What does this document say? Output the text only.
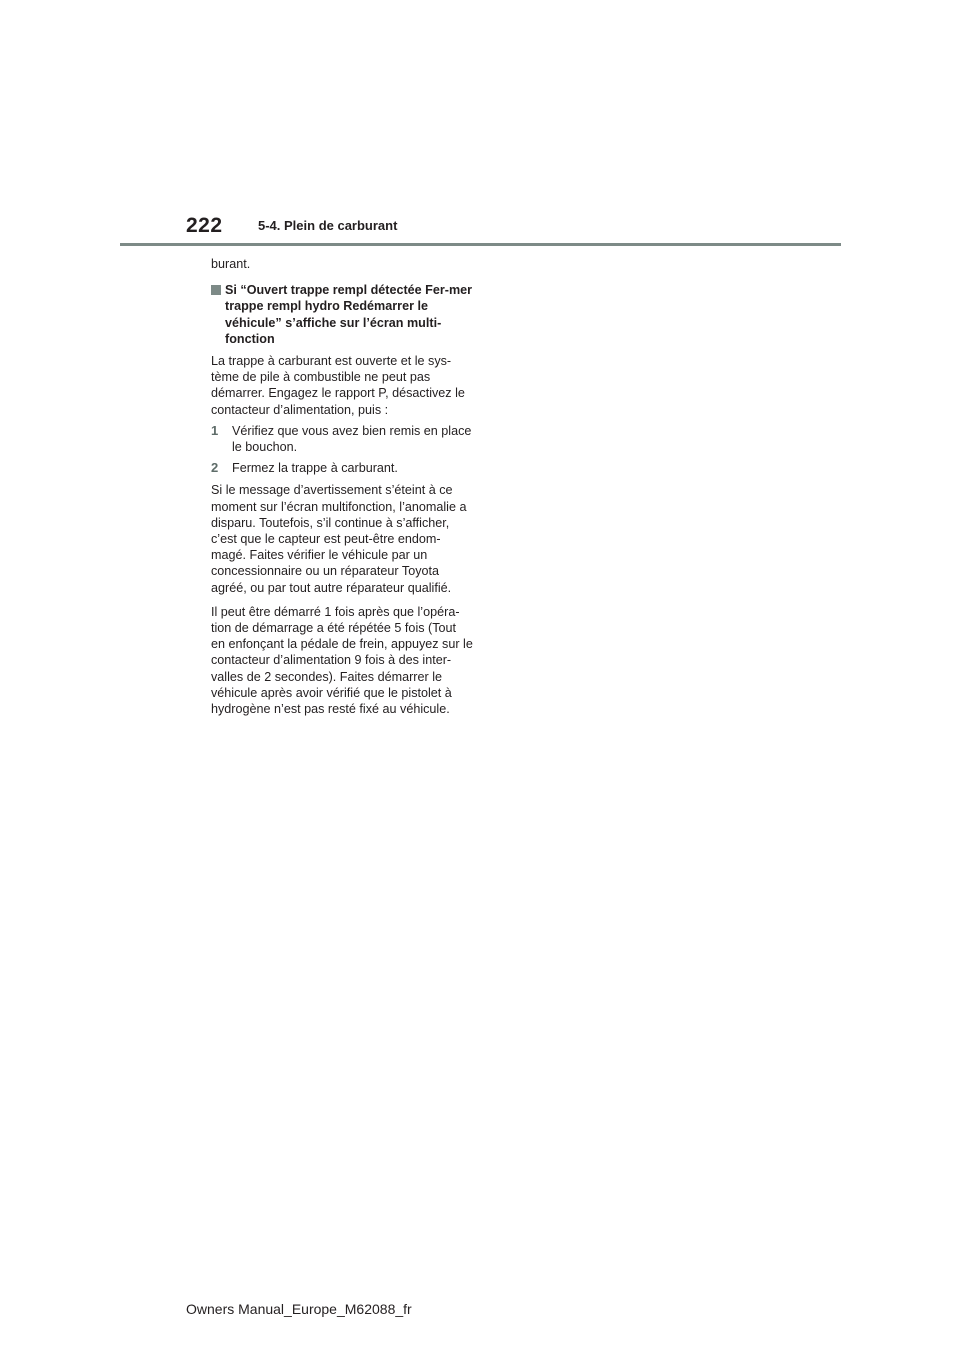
222	5-4. Plein de carburant

burant.

Si “Ouvert trappe rempl détectée Fer-mer trappe rempl hydro Redémarrer le véhicule” s’affiche sur l’écran multi-fonction

La trappe à carburant est ouverte et le sys-tème de pile à combustible ne peut pas démarrer. Engagez le rapport P, désactivez le contacteur d’alimentation, puis :

1	Vérifiez que vous avez bien remis en place le bouchon.
2	Fermez la trappe à carburant.

Si le message d’avertissement s’éteint à ce moment sur l’écran multifonction, l’anomalie a disparu. Toutefois, s’il continue à s’afficher, c’est que le capteur est peut-être endom-magé. Faites vérifier le véhicule par un concessionnaire ou un réparateur Toyota agréé, ou par tout autre réparateur qualifié.

Il peut être démarré 1 fois après que l’opéra-tion de démarrage a été répétée 5 fois (Tout en enfonçant la pédale de frein, appuyez sur le contacteur d’alimentation 9 fois à des inter-valles de 2 secondes). Faites démarrer le véhicule après avoir vérifié que le pistolet à hydrogène n’est pas resté fixé au véhicule.

Owners Manual_Europe_M62088_fr
